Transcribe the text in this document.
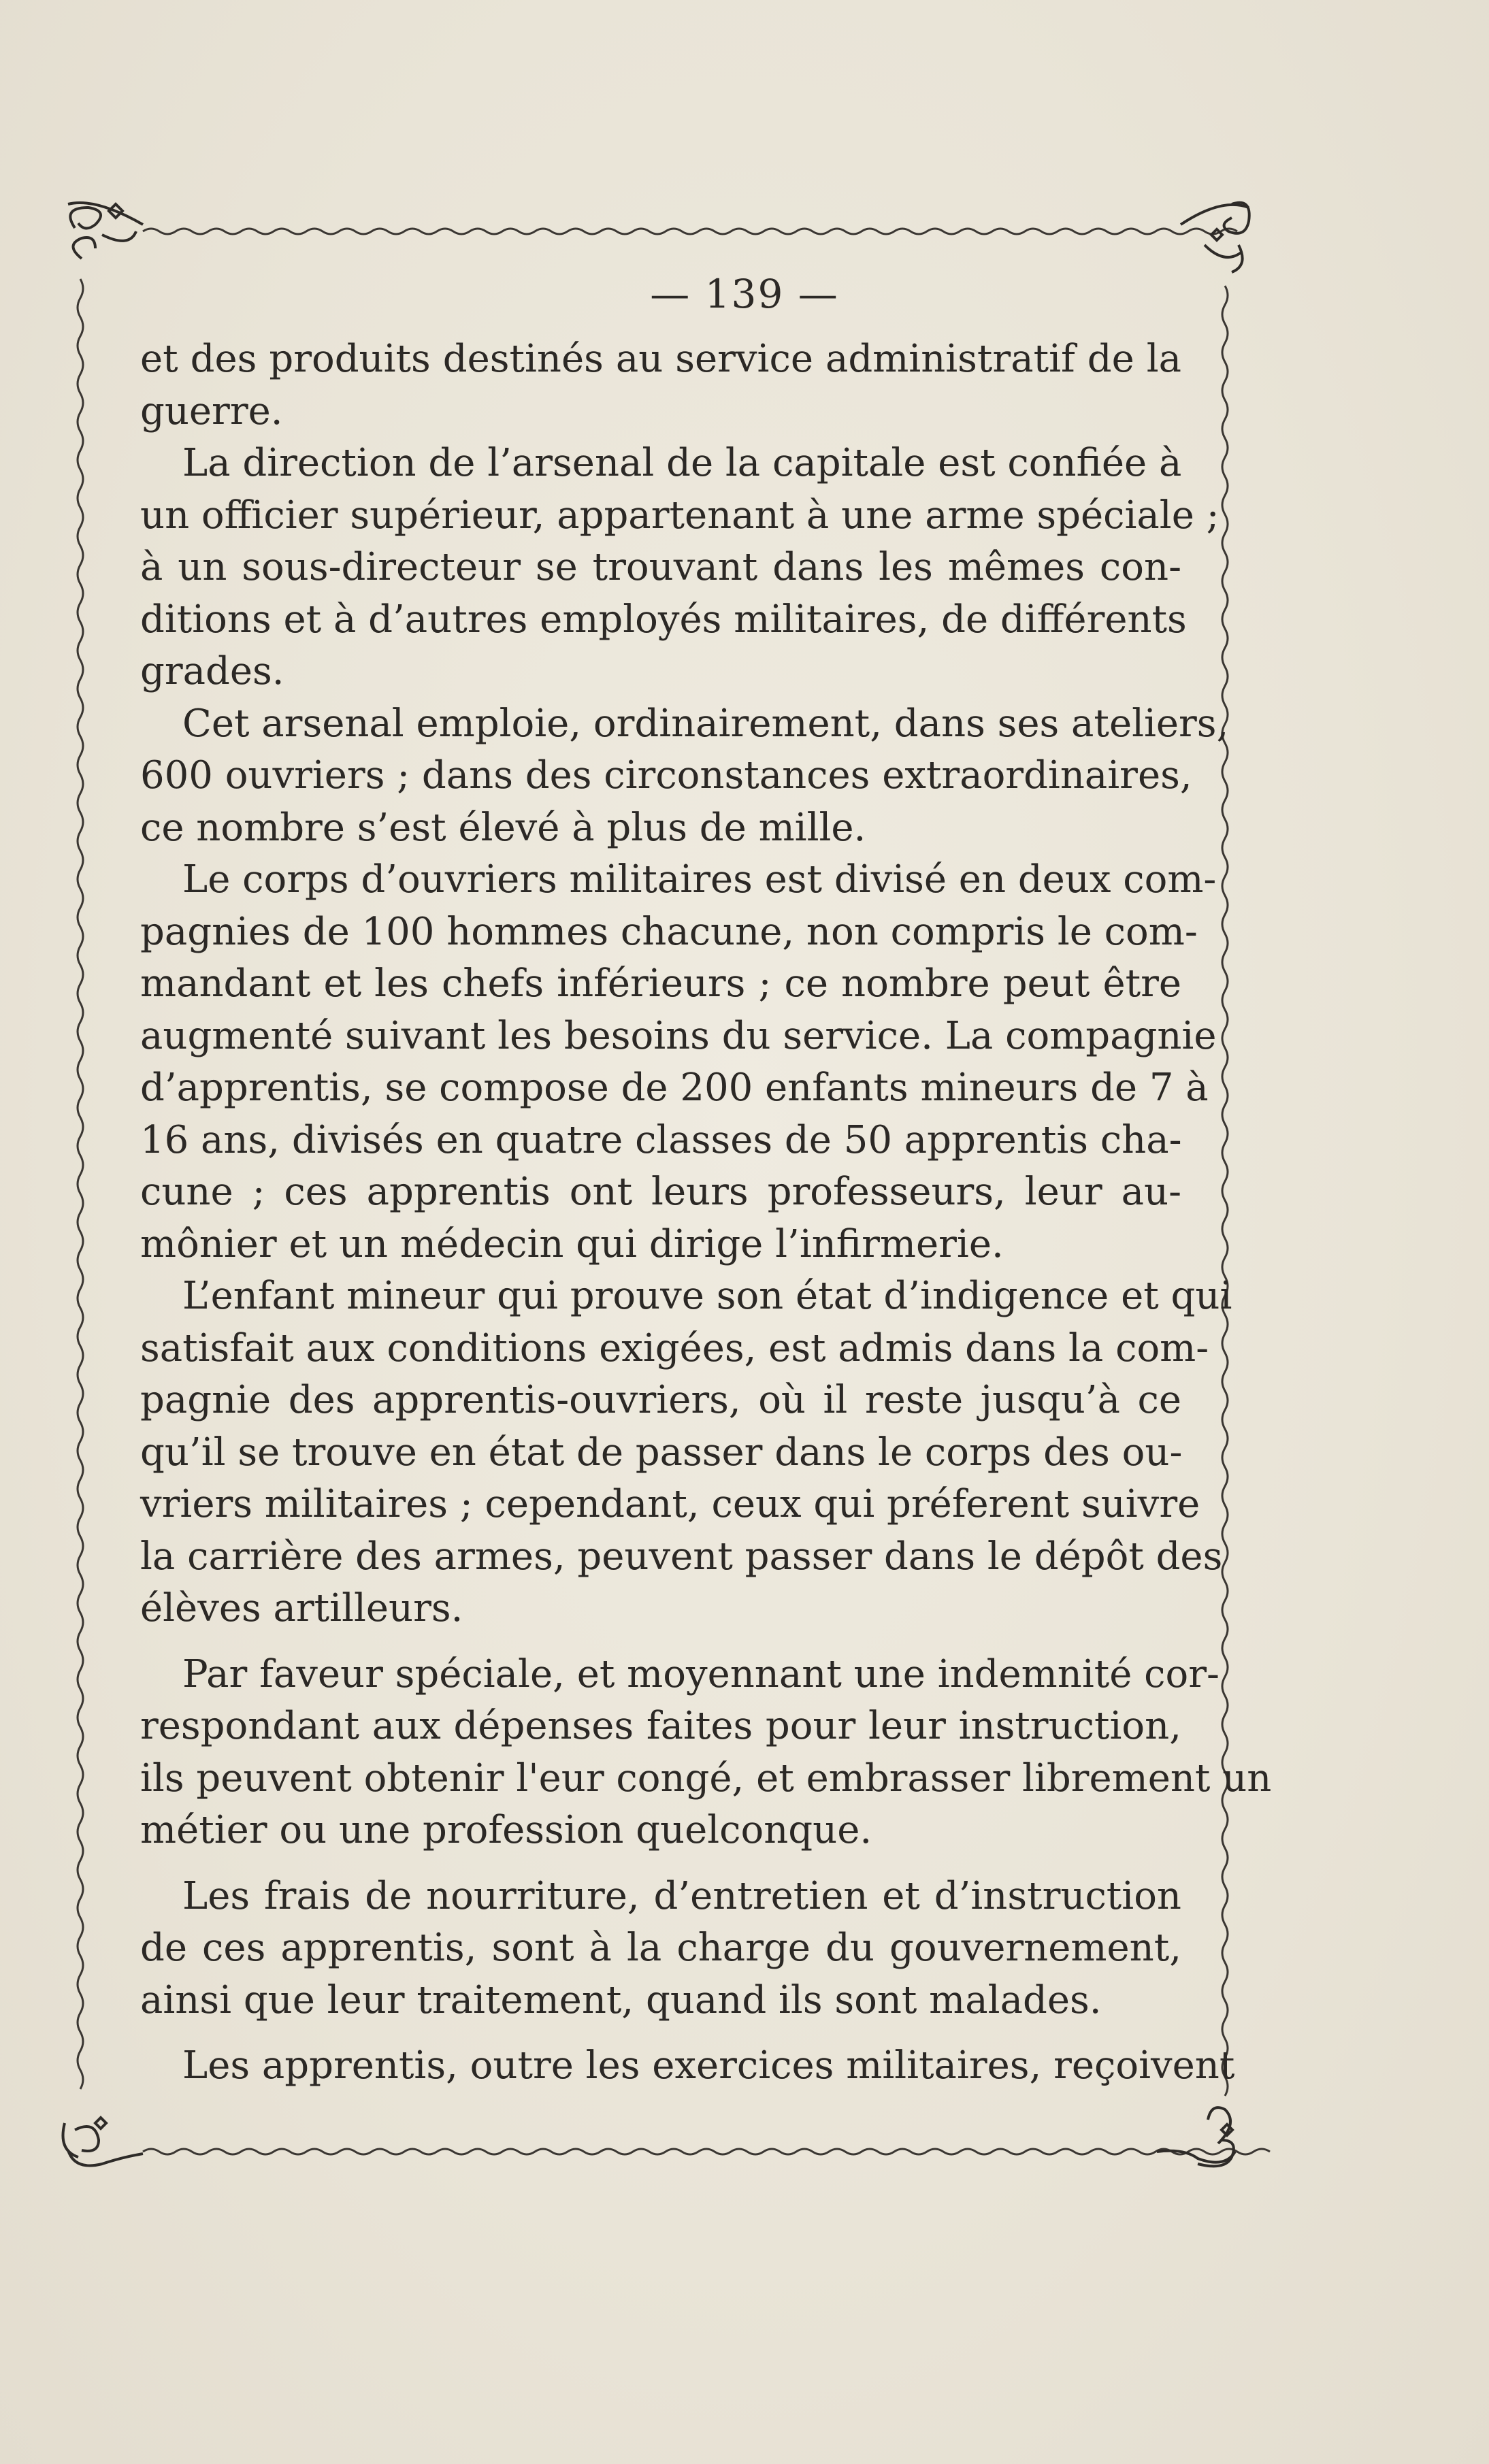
— 139 —
et des produits destinés au service administratif de la
guerre.
La direction de l’arsenal de la capitale est confiée à
un officier supérieur, appartenant à une arme spéciale ;
à un sous-directeur se trouvant dans les mêmes con-
ditions et à d’autres employés militaires, de différents
grades.
Cet arsenal emploie, ordinairement, dans ses ateliers,
600 ouvriers ; dans des circonstances extraordinaires,
ce nombre s’est élevé à plus de mille.
Le corps d’ouvriers militaires est divisé en deux com-
pagnies de 100 hommes chacune, non compris le com-
mandant et les chefs inférieurs ; ce nombre peut être
augmenté suivant les besoins du service. La compagnie
d’apprentis, se compose de 200 enfants mineurs de 7 à
16 ans, divisés en quatre classes de 50 apprentis cha-
cune ; ces apprentis ont leurs professeurs, leur au-
mônier et un médecin qui dirige l’infirmerie.
L’enfant mineur qui prouve son état d’indigence et qui
satisfait aux conditions exigées, est admis dans la com-
pagnie des apprentis-ouvriers, où il reste jusqu’à ce
qu’il se trouve en état de passer dans le corps des ou-
vriers militaires ; cependant, ceux qui préferent suivre
la carrière des armes, peuvent passer dans le dépôt des
élèves artilleurs.
Par faveur spéciale, et moyennant une indemnité cor-
respondant aux dépenses faites pour leur instruction,
ils peuvent obtenir l'eur congé, et embrasser librement un
métier ou une profession quelconque.
Les frais de nourriture, d’entretien et d’instruction
de ces apprentis, sont à la charge du gouvernement,
ainsi que leur traitement, quand ils sont malades.
Les apprentis, outre les exercices militaires, reçoivent
